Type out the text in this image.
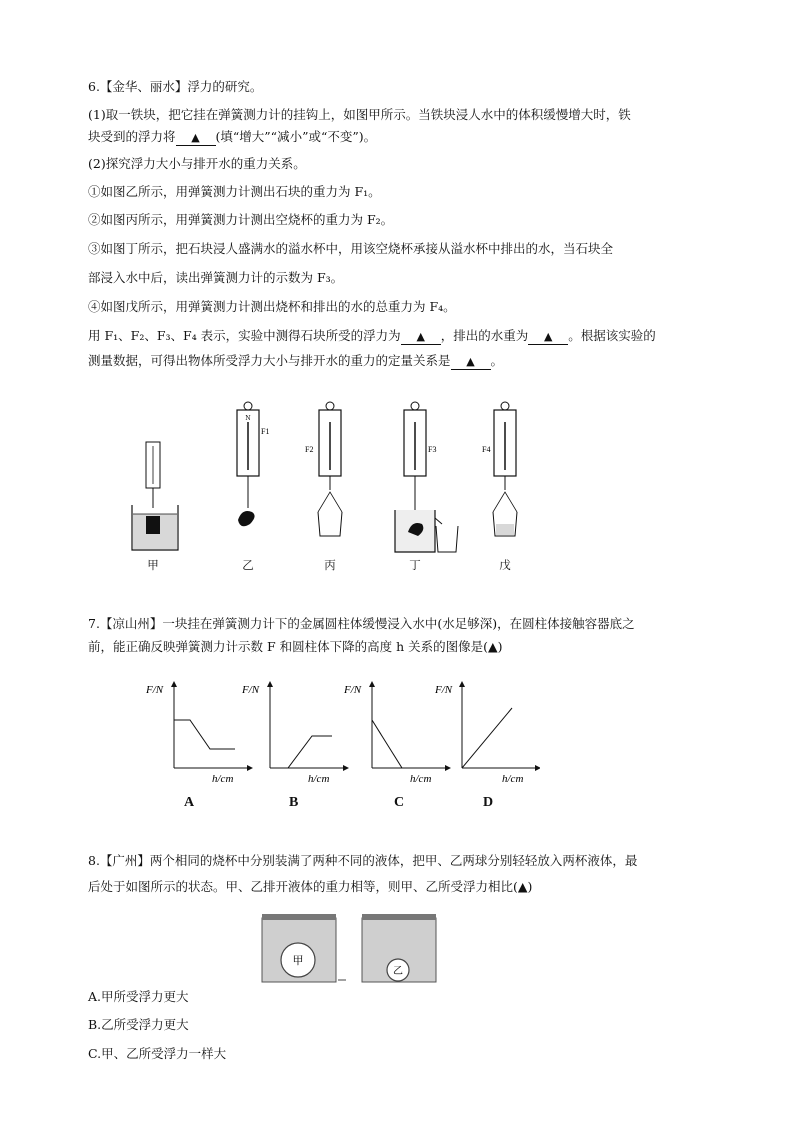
6.【金华、丽水】浮力的研究。
(1)取一铁块，把它挂在弹簧测力计的挂钩上，如图甲所示。当铁块浸人水中的体积缓慢增大时，铁
块受到的浮力将 ▲ (填“增大”“减小”或“不变”)。
(2)探究浮力大小与排开水的重力关系。
①如图乙所示，用弹簧测力计测出石块的重力为 F₁。
②如图丙所示，用弹簧测力计测出空烧杯的重力为 F₂。
③如图丁所示，把石块浸人盛满水的溢水杯中，用该空烧杯承接从溢水杯中排出的水，当石块全
部浸入水中后，读出弹簧测力计的示数为 F₃。
④如图戊所示，用弹簧测力计测出烧杯和排出的水的总重力为 F₄。
用 F₁、F₂、F₃、F₄ 表示，实验中测得石块所受的浮力为 ▲ ，排出的水重为 ▲ 。根据该实验的
测量数据，可得出物体所受浮力大小与排开水的重力的定量关系是 ▲ 。
N
F1
F2	F3	F4
甲	乙	丙	丁	戊
7.【凉山州】一块挂在弹簧测力计下的金属圆柱体缓慢浸入水中(水足够深)，在圆柱体接触容器底之
前，能正确反映弹簧测力计示数 F 和圆柱体下降的高度 h 关系的图像是(▲)
F/N
h/cm
F/N
h/cm
F/N
h/cm
F/N
h/cm
A	B	C	D
8.【广州】两个相同的烧杯中分别装满了两种不同的液体，把甲、乙两球分别轻轻放入两杯液体，最
后处于如图所示的状态。甲、乙排开液体的重力相等，则甲、乙所受浮力相比(▲)
甲
乙
A.甲所受浮力更大
B.乙所受浮力更大
C.甲、乙所受浮力一样大
